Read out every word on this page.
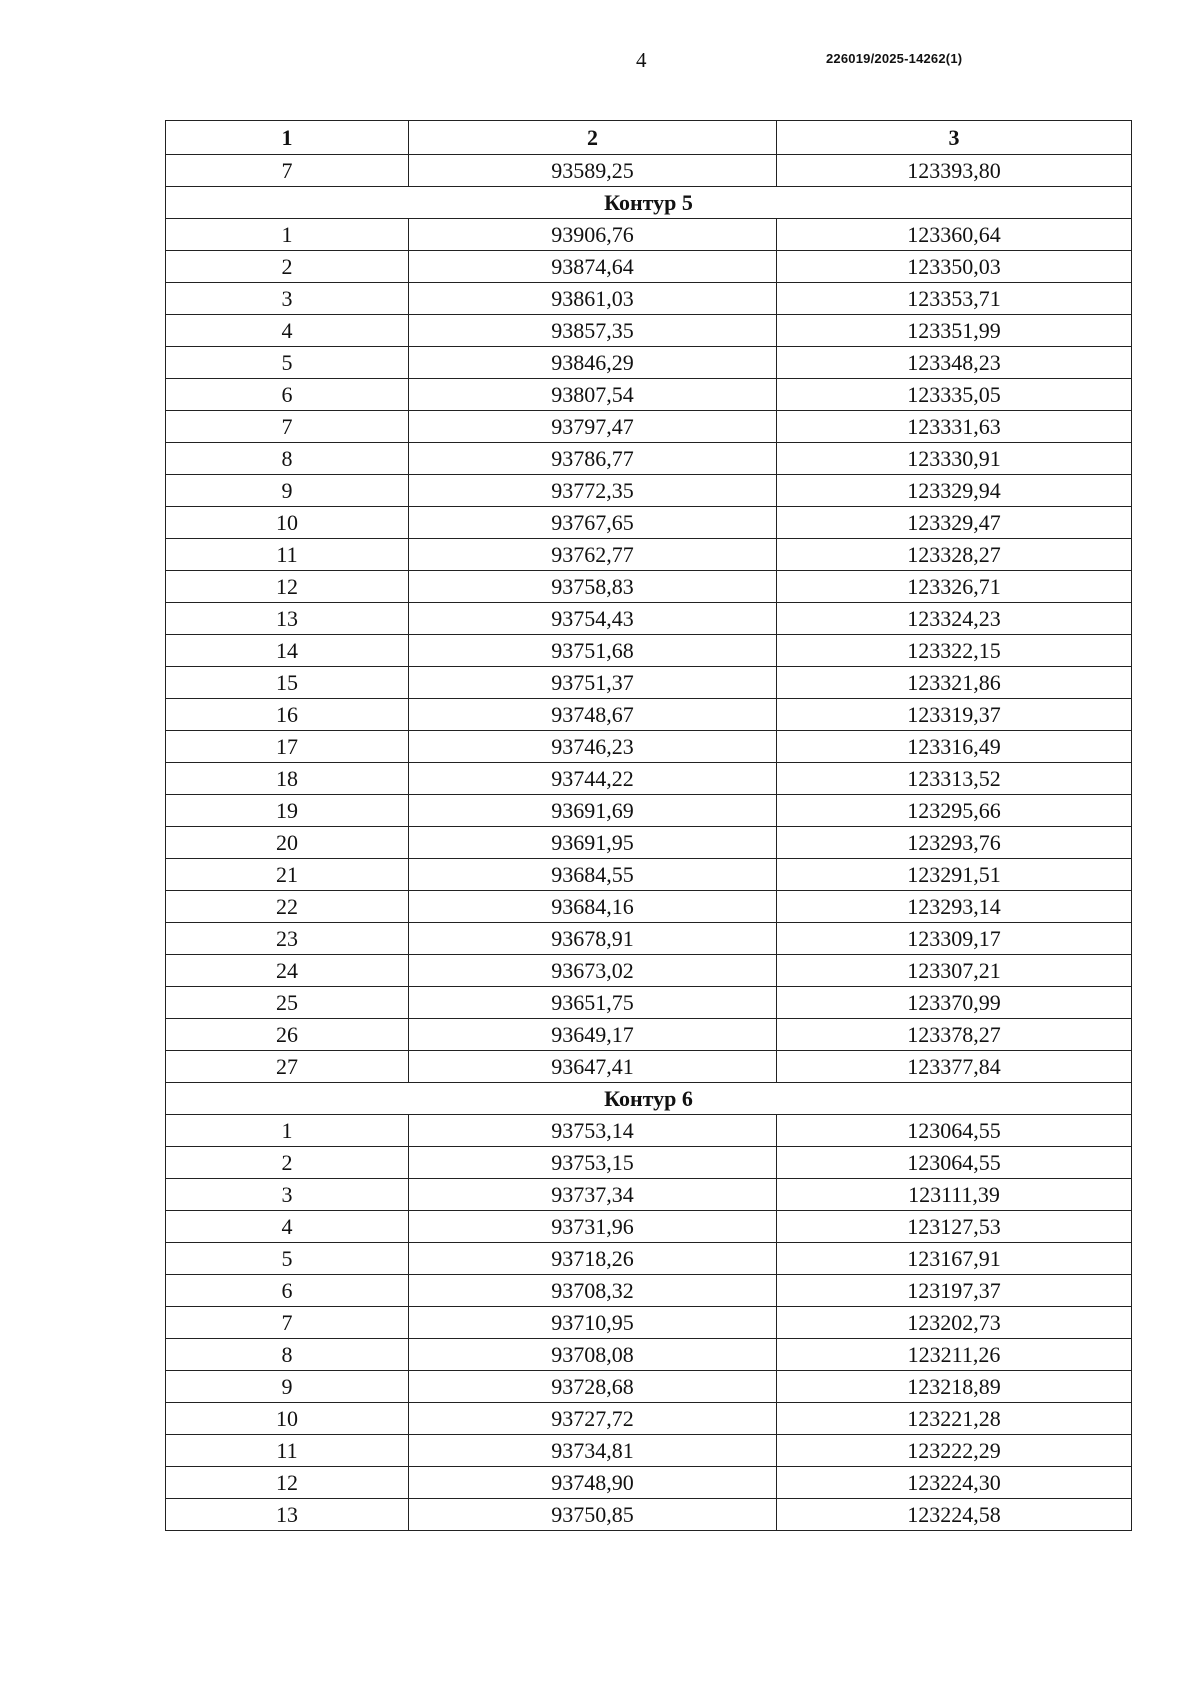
4	226019/2025-14262(1)
1	2	3
7	93589,25	123393,80
Контур 5		
1	93906,76	123360,64
2	93874,64	123350,03
3	93861,03	123353,71
4	93857,35	123351,99
5	93846,29	123348,23
6	93807,54	123335,05
7	93797,47	123331,63
8	93786,77	123330,91
9	93772,35	123329,94
10	93767,65	123329,47
11	93762,77	123328,27
12	93758,83	123326,71
13	93754,43	123324,23
14	93751,68	123322,15
15	93751,37	123321,86
16	93748,67	123319,37
17	93746,23	123316,49
18	93744,22	123313,52
19	93691,69	123295,66
20	93691,95	123293,76
21	93684,55	123291,51
22	93684,16	123293,14
23	93678,91	123309,17
24	93673,02	123307,21
25	93651,75	123370,99
26	93649,17	123378,27
27	93647,41	123377,84
Контур 6		
1	93753,14	123064,55
2	93753,15	123064,55
3	93737,34	123111,39
4	93731,96	123127,53
5	93718,26	123167,91
6	93708,32	123197,37
7	93710,95	123202,73
8	93708,08	123211,26
9	93728,68	123218,89
10	93727,72	123221,28
11	93734,81	123222,29
12	93748,90	123224,30
13	93750,85	123224,58
